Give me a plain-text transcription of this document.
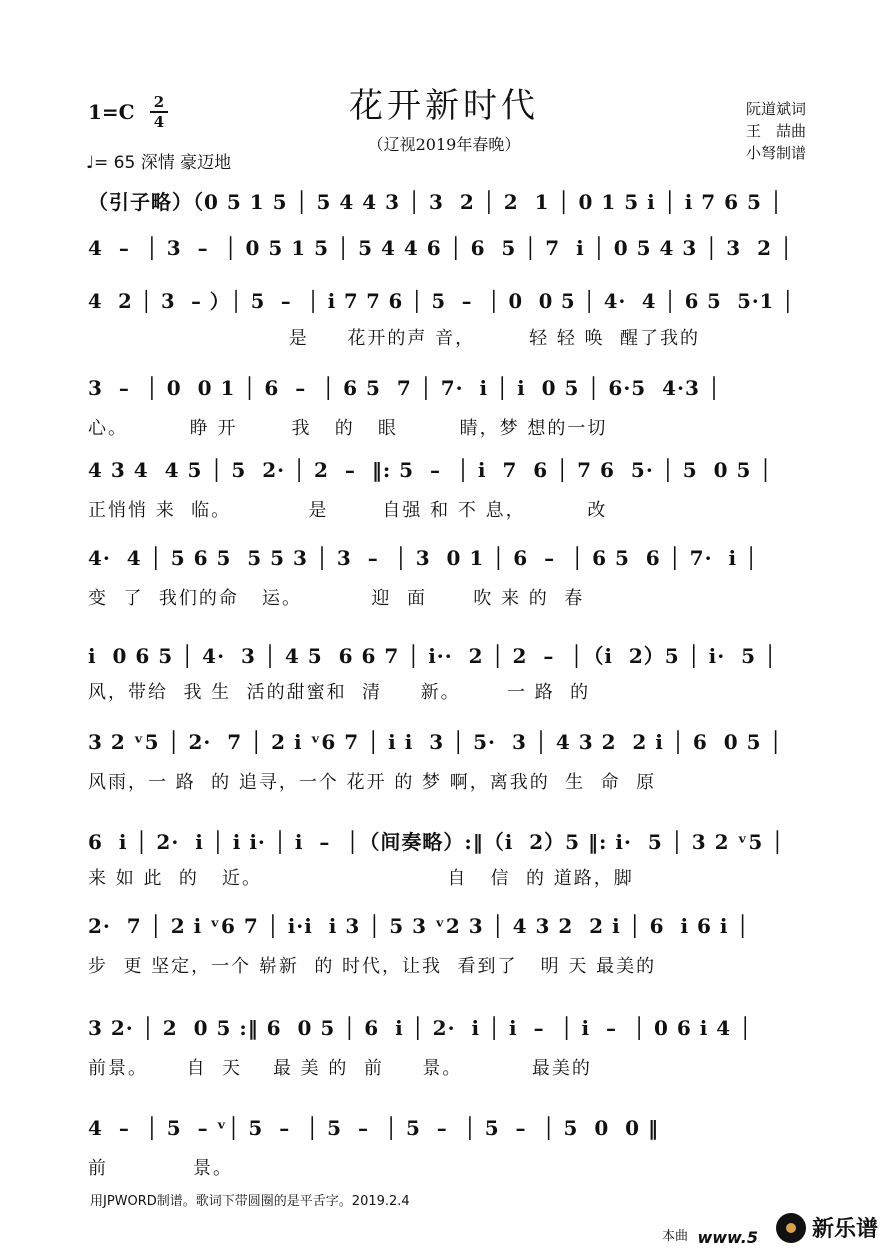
花开新时代
（辽视2019年春晚）
1=C 2
4
♩= 65 深情 豪迈地
阮道斌词
王　喆曲
小弩制谱
（引子略）（0 5 1 5 │ 5 4 4 3 │ 3  2 │ 2  1 │ 0 1 5 i │ i 7 6 5 │
4  –  │ 3  –  │ 0 5 1 5 │ 5 4 4 6 │ 6  5 │ 7  i │ 0 5 4 3 │ 3  2 │
4  2 │ 3  – ）│ 5  –  │ i 7 7 6 │ 5  –  │ 0  0 5 │ 4·  4 │ 6 5  5·1 │
是     花开的声 音，       轻 轻 唤  醒了我的
3  –  │ 0  0 1 │ 6  –  │ 6 5  7 │ 7·  i │ i  0 5 │ 6·5  4·3 │
心。        睁 开       我   的   眼        睛，梦 想的一切
4 3 4  4 5 │ 5  2· │ 2  –  ‖: 5  –  │ i  7  6 │ 7 6  5· │ 5  0 5 │
正悄悄 来  临。          是       自强 和 不 息，        改
4·  4 │ 5 6 5  5 5 3 │ 3  –  │ 3  0 1 │ 6  –  │ 6 5  6 │ 7·  i │
变  了  我们的命   运。         迎  面      吹 来 的  春
i  0 6 5 │ 4·  3 │ 4 5  6 6 7 │ i··  2 │ 2  –  │（i  2）5 │ i·  5 │
风，带给  我 生  活的甜蜜和  清     新。      一 路  的
3 2 ᵛ5 │ 2·  7 │ 2 i ᵛ6 7 │ i i  3 │ 5·  3 │ 4 3 2  2 i │ 6  0 5 │
风雨，一 路  的 追寻，一个 花开 的 梦 啊，离我的  生  命  原
6  i │ 2·  i │ i i· │ i  –  │（间奏略）:‖（i  2）5 ‖: i·  5 │ 3 2 ᵛ5 │
来 如 此  的   近。                        自   信  的 道路，脚
2·  7 │ 2 i ᵛ6 7 │ i·i  i 3 │ 5 3 ᵛ2 3 │ 4 3 2  2 i │ 6  i 6 i │
步  更 坚定，一个 崭新  的 时代，让我  看到了   明 天 最美的
3 2· │ 2  0 5 :‖ 6  0 5 │ 6  i │ 2·  i │ i  –  │ i  –  │ 0 6 i 4 │
前景。     自  天    最 美 的  前     景。         最美的
4  –  │ 5  – ᵛ│ 5  –  │ 5  –  │ 5  –  │ 5  –  │ 5  0  0 ‖
前           景。
用JPWORD制谱。歌词下带圆圈的是平舌字。2019.2.4
本曲 www.5 新乐谱
